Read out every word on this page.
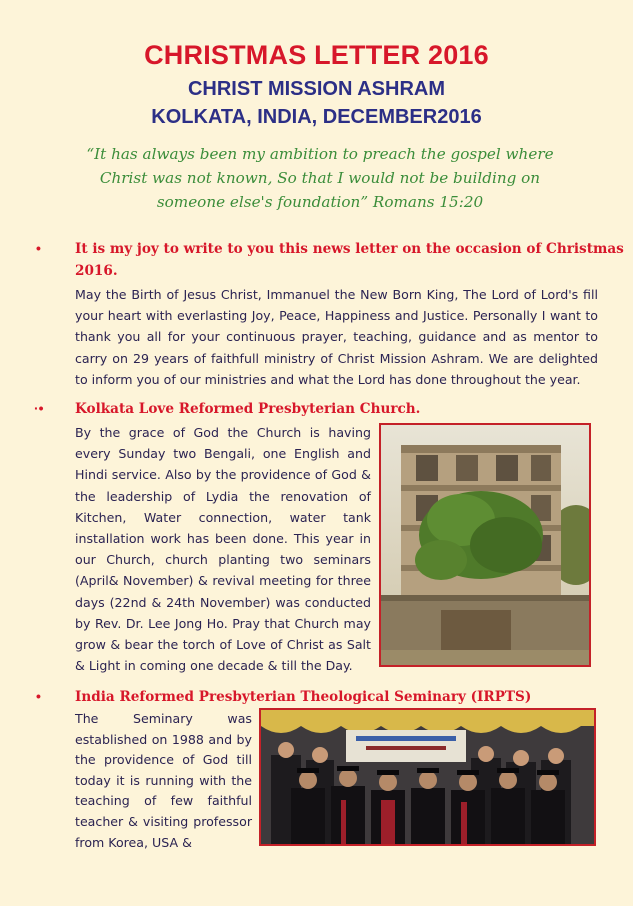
CHRISTMAS LETTER 2016
CHRIST MISSION ASHRAM
KOLKATA, INDIA, DECEMBER2016
“It has always been my ambition to preach the gospel where
Christ was not known, So that I would not be building on
someone else's foundation” Romans 15:20
•	It is my joy to write to you this news letter on the occasion of Christmas
2016.
May the Birth of Jesus Christ, Immanuel the New Born King, The Lord of Lord's fill your heart with everlasting Joy, Peace, Happiness and Justice. Personally I want to thank you all for your continuous prayer, teaching, guidance and as mentor to carry on 29 years of faithfull ministry of Christ Mission Ashram. We are delighted to inform you of our ministries and what the Lord has done throughout the year.
·• Kolkata Love Reformed Presbyterian Church.
By the grace of God the Church is having every Sunday two Bengali, one English and Hindi service. Also by the providence of God & the leadership of Lydia the renovation of Kitchen, Water connection, water tank installation work has been done. This year in our Church, church planting two seminars (April& November) & revival meeting for three days (22nd & 24th November) was conducted by Rev. Dr. Lee Jong Ho. Pray that Church may grow & bear the torch of Love of Christ as Salt & Light in coming one decade & till the Day.
•	India Reformed Presbyterian Theological Seminary (IRPTS)
The Seminary was established on 1988 and by the providence of God till today it is running with the teaching of few faithful teacher & visiting professor from Korea, USA &
